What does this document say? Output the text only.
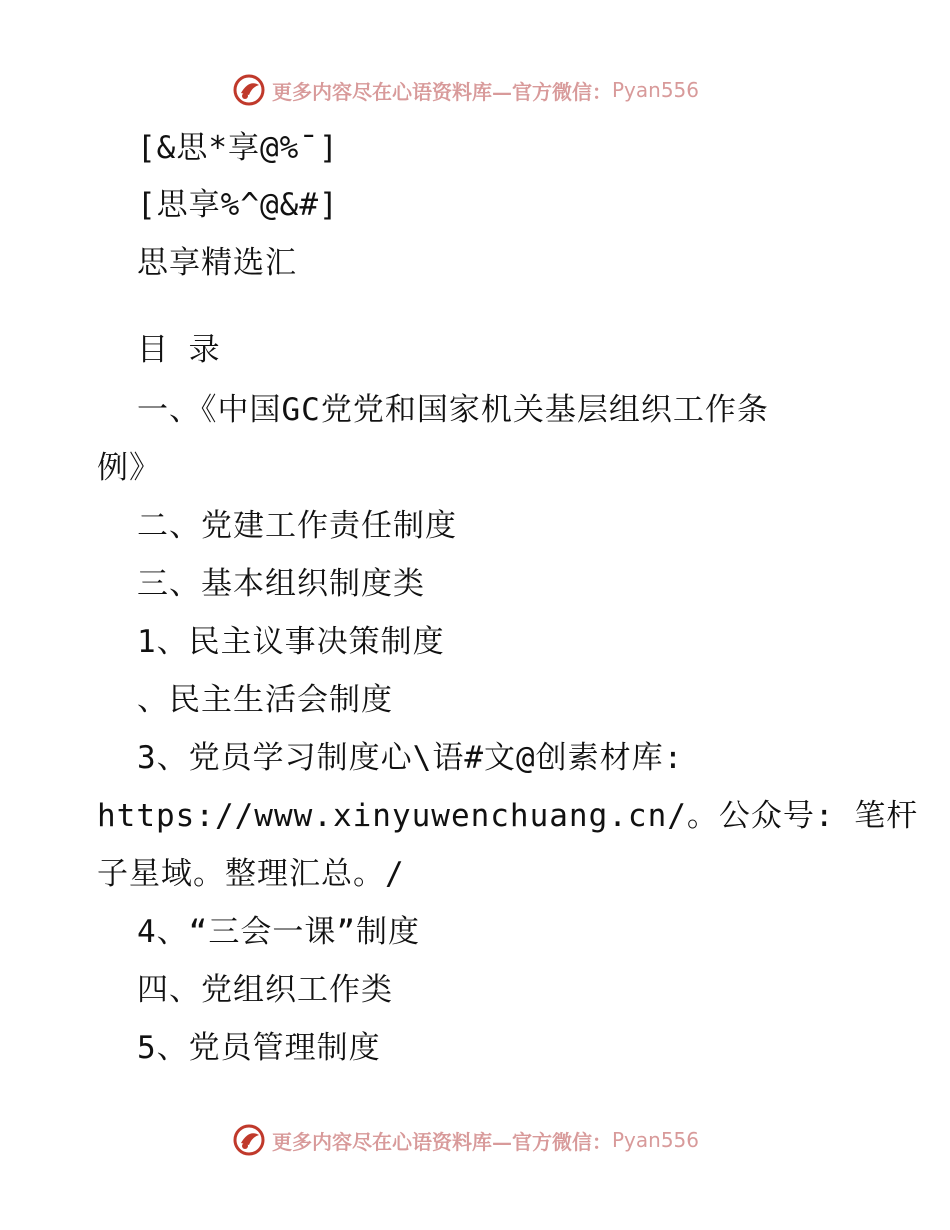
更多内容尽在心语资料库—官方微信： Pyan556
[&思*享@%¯]
[思享%^@&#]
思享精选汇
目 录
一、《中国GC党党和国家机关基层组织工作条
例》
二、党建工作责任制度
三、基本组织制度类
1、民主议事决策制度
、民主生活会制度
3、党员学习制度心\语#文@创素材库:
https://www.xinyuwenchuang.cn/。公众号: 笔杆
子星域。整理汇总。/
4、“三会一课”制度
四、党组织工作类
5、党员管理制度
更多内容尽在心语资料库—官方微信： Pyan556
